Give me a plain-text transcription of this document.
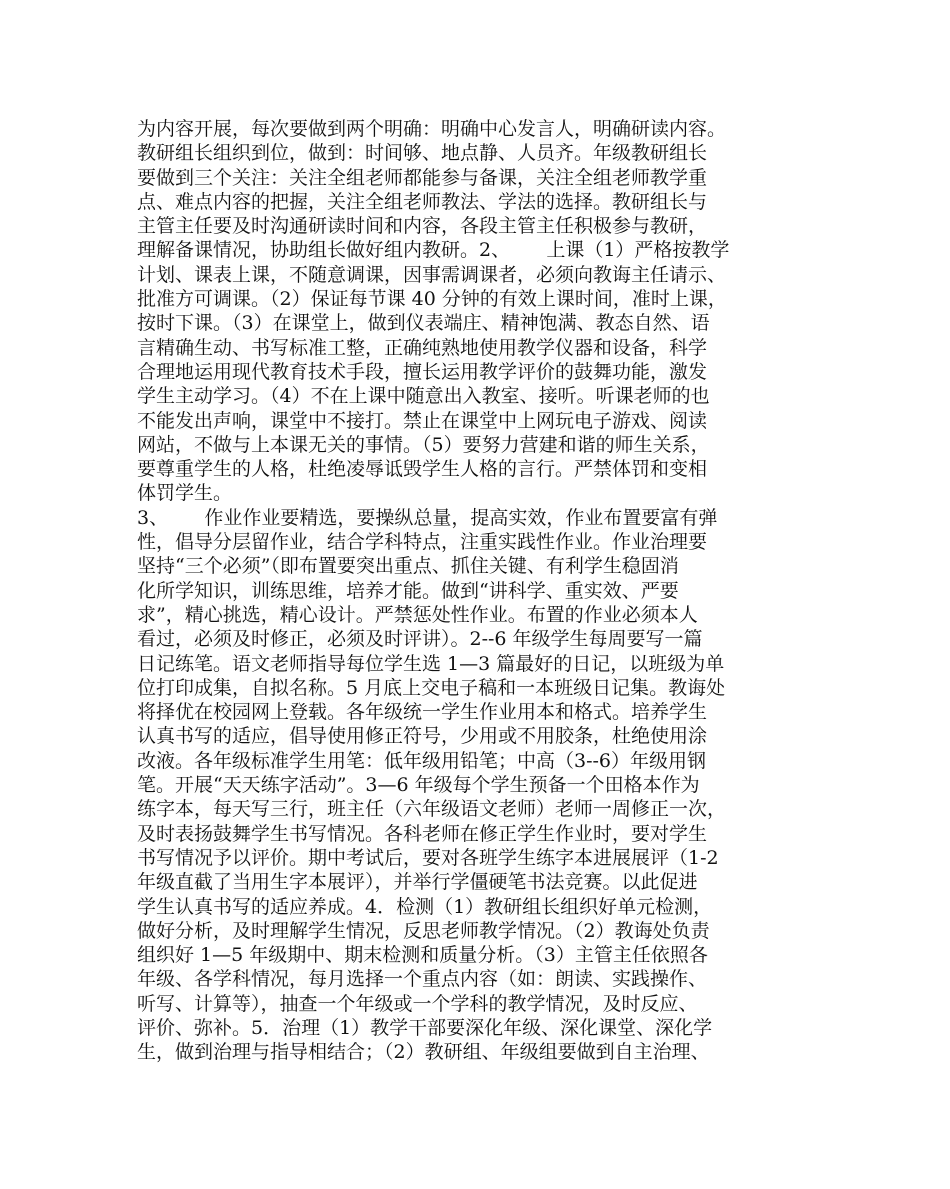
为内容开展，每次要做到两个明确：明确中心发言人，明确研读内容。
教研组长组织到位，做到：时间够、地点静、人员齐。年级教研组长
要做到三个关注：关注全组老师都能参与备课，关注全组老师教学重
点、难点内容的把握，关注全组老师教法、学法的选择。教研组长与
主管主任要及时沟通研读时间和内容，各段主管主任积极参与教研，
理解备课情况，协助组长做好组内教研。2、      上课（1）严格按教学
计划、课表上课，不随意调课，因事需调课者，必须向教诲主任请示、
批准方可调课。（2）保证每节课 40 分钟的有效上课时间，准时上课，
按时下课。（3）在课堂上，做到仪表端庄、精神饱满、教态自然、语
言精确生动、书写标准工整，正确纯熟地使用教学仪器和设备，科学
合理地运用现代教育技术手段，擅长运用教学评价的鼓舞功能，激发
学生主动学习。（4）不在上课中随意出入教室、接听。听课老师的也
不能发出声响，课堂中不接打。禁止在课堂中上网玩电子游戏、阅读
网站，不做与上本课无关的事情。（5）要努力营建和谐的师生关系，
要尊重学生的人格，杜绝凌辱诋毁学生人格的言行。严禁体罚和变相
体罚学生。
3、      作业作业要精选，要操纵总量，提高实效，作业布置要富有弹
性，倡导分层留作业，结合学科特点，注重实践性作业。作业治理要
坚持“三个必须”（即布置要突出重点、抓住关键、有利学生稳固消
化所学知识，训练思维，培养才能。做到“讲科学、重实效、严要
求”，精心挑选，精心设计。严禁惩处性作业。布置的作业必须本人
看过，必须及时修正，必须及时评讲）。2--6 年级学生每周要写一篇
日记练笔。语文老师指导每位学生选 1—3 篇最好的日记，以班级为单
位打印成集，自拟名称。5 月底上交电子稿和一本班级日记集。教诲处
将择优在校园网上登载。各年级统一学生作业用本和格式。培养学生
认真书写的适应，倡导使用修正符号，少用或不用胶条，杜绝使用涂
改液。各年级标准学生用笔：低年级用铅笔；中高（3--6）年级用钢
笔。开展“天天练字活动”。3—6 年级每个学生预备一个田格本作为
练字本，每天写三行，班主任（六年级语文老师）老师一周修正一次，
及时表扬鼓舞学生书写情况。各科老师在修正学生作业时，要对学生
书写情况予以评价。期中考试后，要对各班学生练字本进展展评（1-2
年级直截了当用生字本展评），并举行学僵硬笔书法竞赛。以此促进
学生认真书写的适应养成。4．检测（1）教研组长组织好单元检测，
做好分析，及时理解学生情况，反思老师教学情况。（2）教诲处负责
组织好 1—5 年级期中、期末检测和质量分析。（3）主管主任依照各
年级、各学科情况，每月选择一个重点内容（如：朗读、实践操作、
听写、计算等），抽查一个年级或一个学科的教学情况，及时反应、
评价、弥补。5．治理（1）教学干部要深化年级、深化课堂、深化学
生，做到治理与指导相结合；（2）教研组、年级组要做到自主治理、
